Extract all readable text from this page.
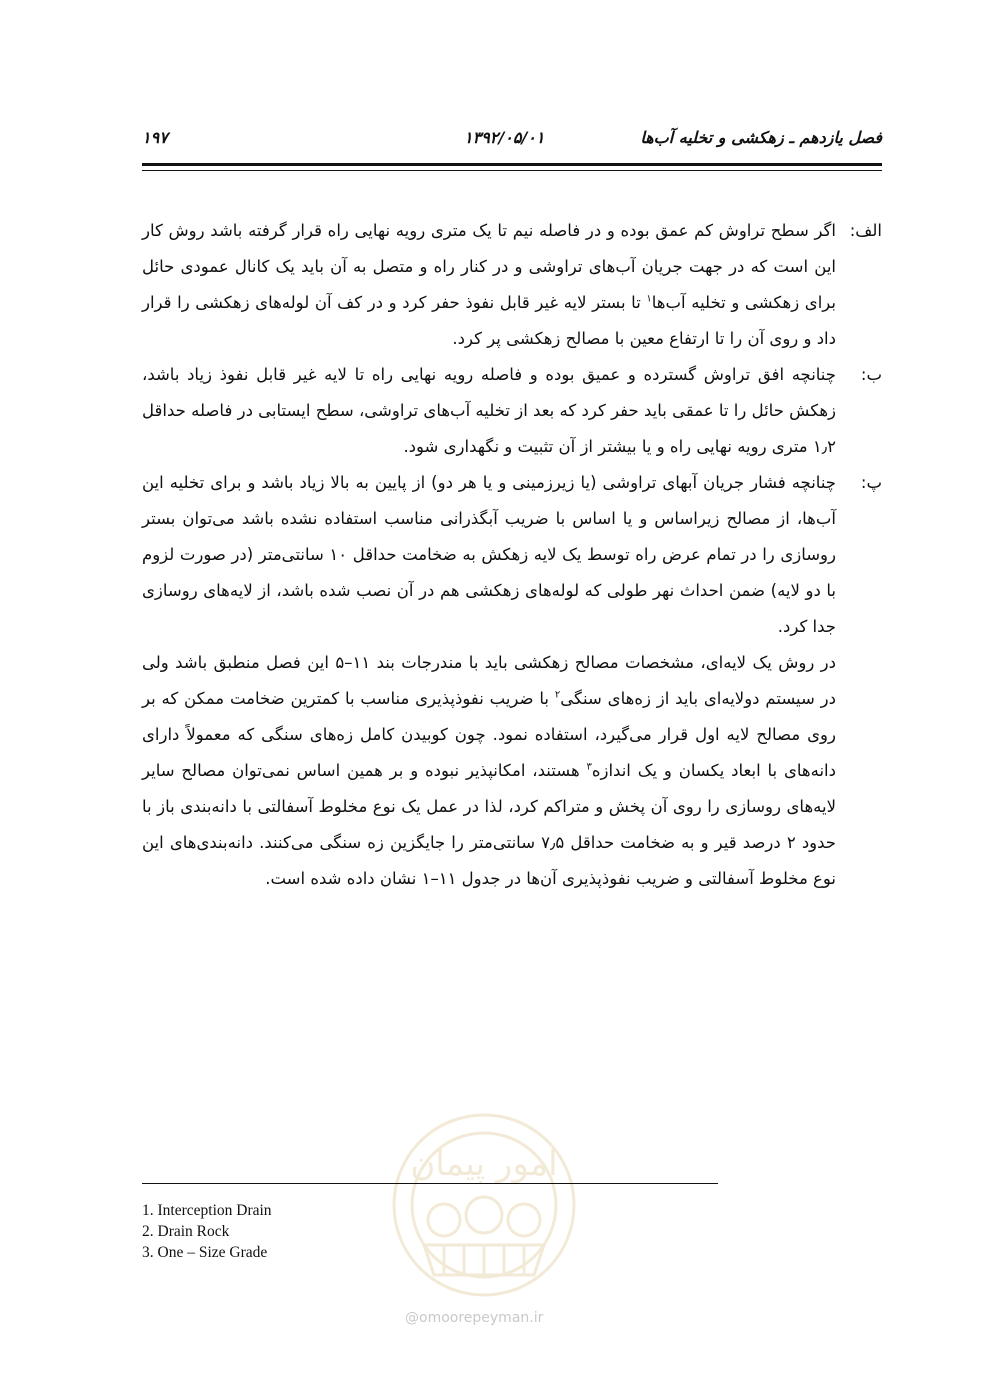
۱۹۷	۱۳۹۲/۰۵/۰۱	فصل یازدهم ـ زهکشی و تخلیه آب‌ها
الف:
اگر سطح تراوش کم عمق بوده و در فاصله نیم تا یک متری رویه نهایی راه قرار گرفته باشد روش کار این است که در جهت جریان آب‌های تراوشی و در کنار راه و متصل به آن باید یک کانال عمودی حائل برای زهکشی و تخلیه آب‌ها$^۱$ تا بستر لایه غیر قابل نفوذ حفر کرد و در کف آن لوله‌های زهکشی را قرار داد و روی آن را تا ارتفاع معین با مصالح زهکشی پر کرد.
ب:
چنانچه افق تراوش گسترده و عمیق بوده و فاصله رویه نهایی راه تا لایه غیر قابل نفوذ زیاد باشد، زهکش حائل را تا عمقی باید حفر کرد که بعد از تخلیه آب‌های تراوشی، سطح ایستابی در فاصله حداقل ۱٫۲ متری رویه نهایی راه و یا بیشتر از آن تثبیت و نگهداری شود.
پ:
چنانچه فشار جریان آبهای تراوشی (یا زیرزمینی و یا هر دو) از پایین به بالا زیاد باشد و برای تخلیه این آب‌ها، از مصالح زیراساس و یا اساس با ضریب آبگذرانی مناسب استفاده نشده باشد می‌توان بستر روسازی را در تمام عرض راه توسط یک لایه زهکش به ضخامت حداقل ۱۰ سانتی‌متر (در صورت لزوم با دو لایه) ضمن احداث نهر طولی که لوله‌های زهکشی هم در آن نصب شده باشد، از لایه‌های روسازی جدا کرد.
در روش یک لایه‌ای، مشخصات مصالح زهکشی باید با مندرجات بند ۱۱–۵ این فصل منطبق باشد ولی در سیستم دولایه‌ای باید از زه‌های سنگی$^۲$ با ضریب نفوذپذیری مناسب با کمترین ضخامت ممکن که بر روی مصالح لایه اول قرار می‌گیرد، استفاده نمود. چون کوبیدن کامل زه‌های سنگی که معمولاً دارای دانه‌های با ابعاد یکسان و یک اندازه$^۳$ هستند، امکانپذیر نبوده و بر همین اساس نمی‌توان مصالح سایر لایه‌های روسازی را روی آن پخش و متراکم کرد، لذا در عمل یک نوع مخلوط آسفالتی با دانه‌بندی باز با حدود ۲ درصد قیر و به ضخامت حداقل ۷٫۵ سانتی‌متر را جایگزین زه سنگی می‌کنند. دانه‌بندی‌های این نوع مخلوط آسفالتی و ضریب نفوذپذیری آن‌ها در جدول ۱۱–۱ نشان داده شده است.
امور پیمان
@omoorepeyman.ir
1. Interception Drain
2. Drain Rock
3. One – Size Grade
